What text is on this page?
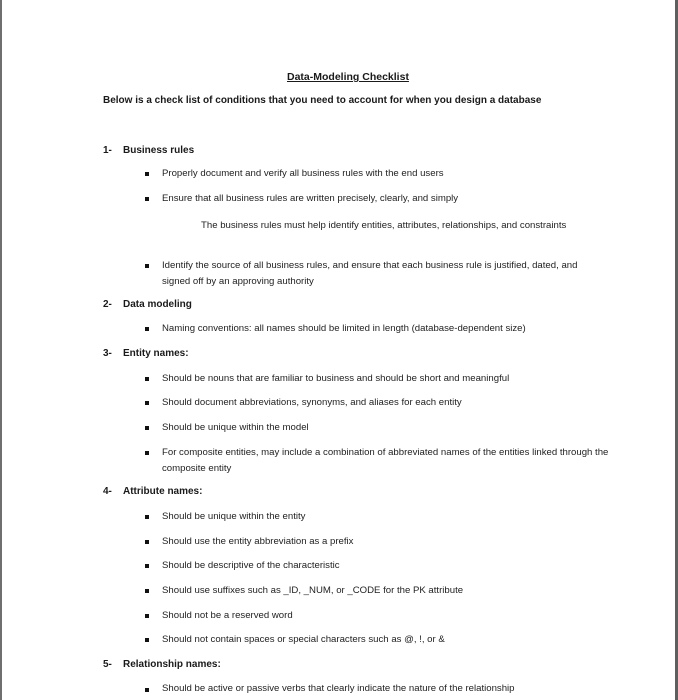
Data-Modeling Checklist
Below is a check list of conditions that you need to account for when you design a database
1- Business rules
Properly document and verify all business rules with the end users
Ensure that all business rules are written precisely, clearly, and simply
The business rules must help identify entities, attributes, relationships, and constraints
Identify the source of all business rules, and ensure that each business rule is justified, dated, and signed off by an approving authority
2- Data modeling
Naming conventions: all names should be limited in length (database-dependent size)
3- Entity names:
Should be nouns that are familiar to business and should be short and meaningful
Should document abbreviations, synonyms, and aliases for each entity
Should be unique within the model
For composite entities, may include a combination of abbreviated names of the entities linked through the composite entity
4- Attribute names:
Should be unique within the entity
Should use the entity abbreviation as a prefix
Should be descriptive of the characteristic
Should use suffixes such as _ID, _NUM, or _CODE for the PK attribute
Should not be a reserved word
Should not contain spaces or special characters such as @, !, or &
5- Relationship names:
Should be active or passive verbs that clearly indicate the nature of the relationship
